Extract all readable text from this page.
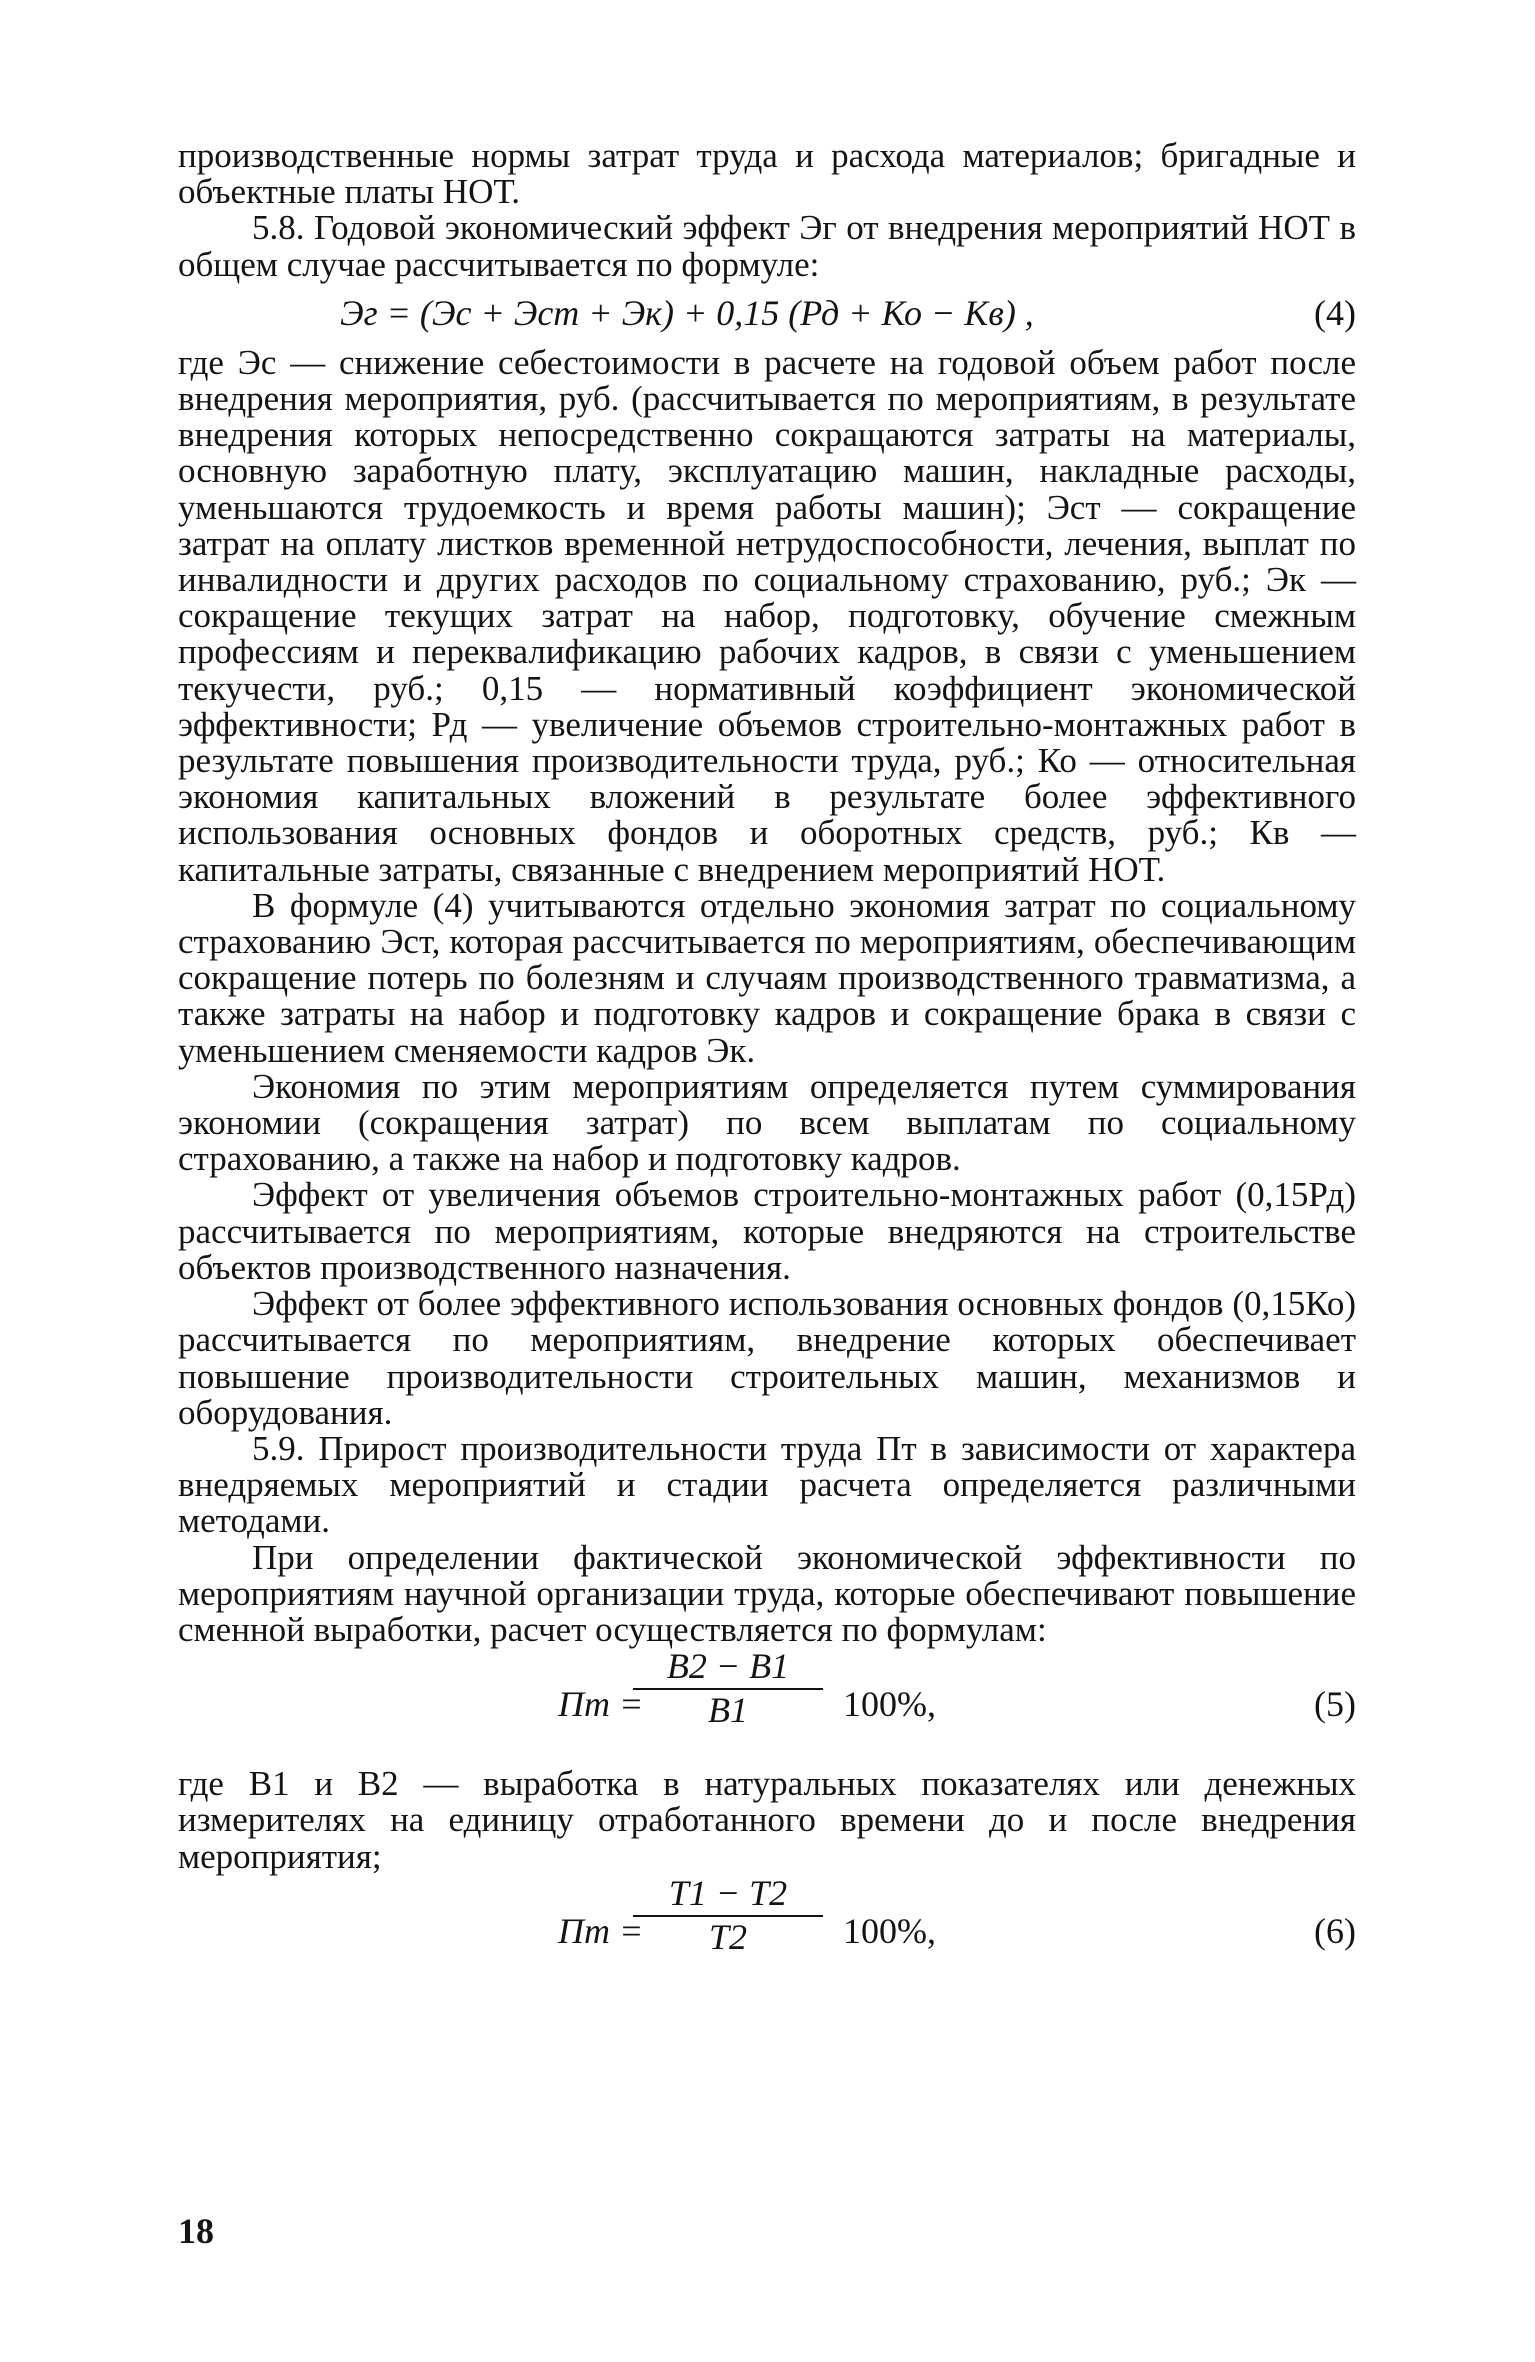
производственные нормы затрат труда и расхода материалов; бригадные и объектные платы НОТ.

5.8. Годовой экономический эффект Эг от внедрения мероприятий НОТ в общем случае рассчитывается по формуле:

Эг = (Эс + Эст + Эк) + 0,15 (Рд + Ко − Кв) ,	(4)

где Эс — снижение себестоимости в расчете на годовой объем работ после внедрения мероприятия, руб. (рассчитывается по мероприятиям, в результате внедрения которых непосредственно сокращаются затраты на материалы, основную заработную плату, эксплуатацию машин, накладные расходы, уменьшаются трудоемкость и время работы машин); Эст — сокращение затрат на оплату листков временной нетрудоспособности, лечения, выплат по инвалидности и других расходов по социальному страхованию, руб.; Эк — сокращение текущих затрат на набор, подготовку, обучение смежным профессиям и переквалификацию рабочих кадров, в связи с уменьшением текучести, руб.; 0,15 — нормативный коэффициент экономической эффективности; Рд — увеличение объемов строительно-монтажных работ в результате повышения производительности труда, руб.; Ко — относительная экономия капитальных вложений в результате более эффективного использования основных фондов и оборотных средств, руб.; Кв — капитальные затраты, связанные с внедрением мероприятий НОТ.

В формуле (4) учитываются отдельно экономия затрат по социальному страхованию Эст, которая рассчитывается по мероприятиям, обеспечивающим сокращение потерь по болезням и случаям производственного травматизма, а также затраты на набор и подготовку кадров и сокращение брака в связи с уменьшением сменяемости кадров Эк.

Экономия по этим мероприятиям определяется путем суммирования экономии (сокращения затрат) по всем выплатам по социальному страхованию, а также на набор и подготовку кадров.

Эффект от увеличения объемов строительно-монтажных работ (0,15Рд) рассчитывается по мероприятиям, которые внедряются на строительстве объектов производственного назначения.

Эффект от более эффективного использования основных фондов (0,15Ко) рассчитывается по мероприятиям, внедрение которых обеспечивает повышение производительности строительных машин, механизмов и оборудования.

5.9. Прирост производительности труда Пт в зависимости от характера внедряемых мероприятий и стадии расчета определяется различными методами.

При определении фактической экономической эффективности по мероприятиям научной организации труда, которые обеспечивают повышение сменной выработки, расчет осуществляется по формулам:

Пт =
В2 − В1
В1	100%,	(5)

где В1 и В2 — выработка в натуральных показателях или денежных измерителях на единицу отработанного времени до и после внедрения мероприятия;

Пт =
Т1 − Т2
Т2	100%,	(6)
18
